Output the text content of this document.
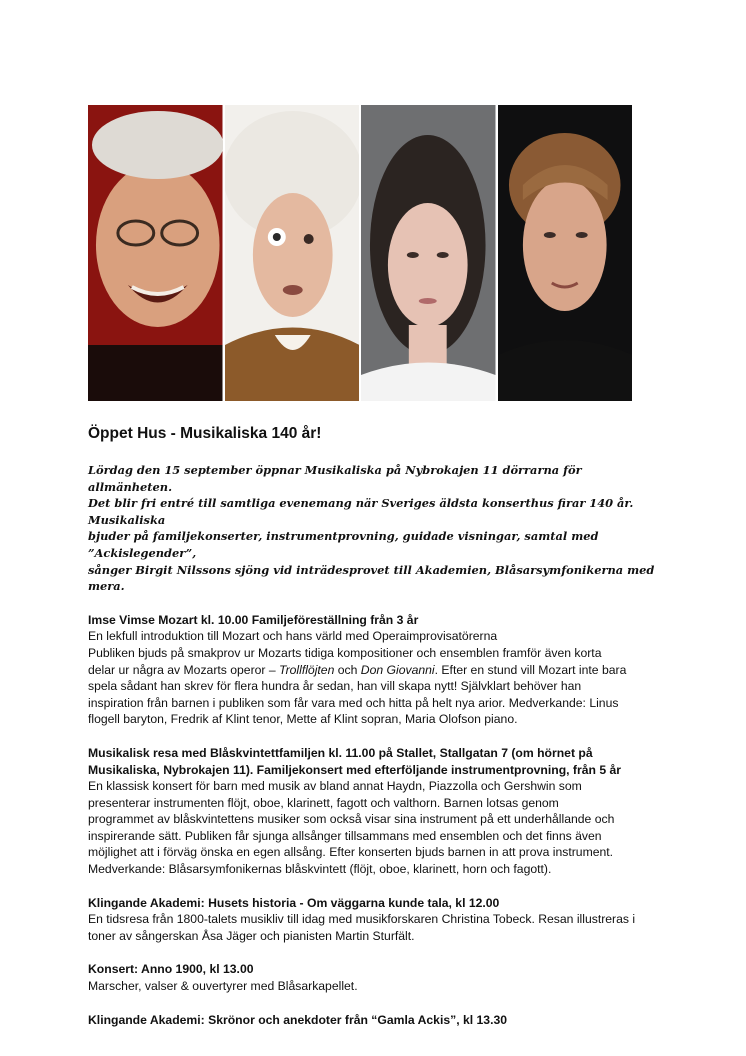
Öppet Hus - Musikaliska 140 år!
Lördag den 15 september öppnar Musikaliska på Nybrokajen 11 dörrarna för allmänheten.
Det blir fri entré till samtliga evenemang när Sveriges äldsta konserthus firar 140 år. Musikaliska
bjuder på familjekonserter, instrumentprovning, guidade visningar, samtal med ”Ackislegender”,
sånger Birgit Nilssons sjöng vid inträdesprovet till Akademien, Blåsarsymfonikerna med mera.
Imse Vimse Mozart kl. 10.00 Familjeföreställning från 3 år
En lekfull introduktion till Mozart och hans värld med Operaimprovisatörerna
Publiken bjuds på smakprov ur Mozarts tidiga kompositioner och ensemblen framför även korta
delar ur några av Mozarts operor – Trollflöjten och Don Giovanni. Efter en stund vill Mozart inte bara
spela sådant han skrev för flera hundra år sedan, han vill skapa nytt! Självklart behöver han
inspiration från barnen i publiken som får vara med och hitta på helt nya arior. Medverkande: Linus
flogell baryton, Fredrik af Klint tenor, Mette af Klint sopran, Maria Olofson piano.
Musikalisk resa med Blåskvintettfamiljen kl. 11.00 på Stallet, Stallgatan 7 (om hörnet på
Musikaliska, Nybrokajen 11). Familjekonsert med efterföljande instrumentprovning, från 5 år
En klassisk konsert för barn med musik av bland annat Haydn, Piazzolla och Gershwin som
presenterar instrumenten flöjt, oboe, klarinett, fagott och valthorn. Barnen lotsas genom
programmet av blåskvintettens musiker som också visar sina instrument på ett underhållande och
inspirerande sätt. Publiken får sjunga allsånger tillsammans med ensemblen och det finns även
möjlighet att i förväg önska en egen allsång. Efter konserten bjuds barnen in att prova instrument.
Medverkande: Blåsarsymfonikernas blåskvintett (flöjt, oboe, klarinett, horn och fagott).
Klingande Akademi: Husets historia - Om väggarna kunde tala, kl 12.00
En tidsresa från 1800-talets musikliv till idag med musikforskaren Christina Tobeck. Resan illustreras i
toner av sångerskan Åsa Jäger och pianisten Martin Sturfält.
Konsert: Anno 1900, kl 13.00
Marscher, valser & ouvertyrer med Blåsarkapellet.
Klingande Akademi: Skrönor och anekdoter från “Gamla Ackis”, kl 13.30
